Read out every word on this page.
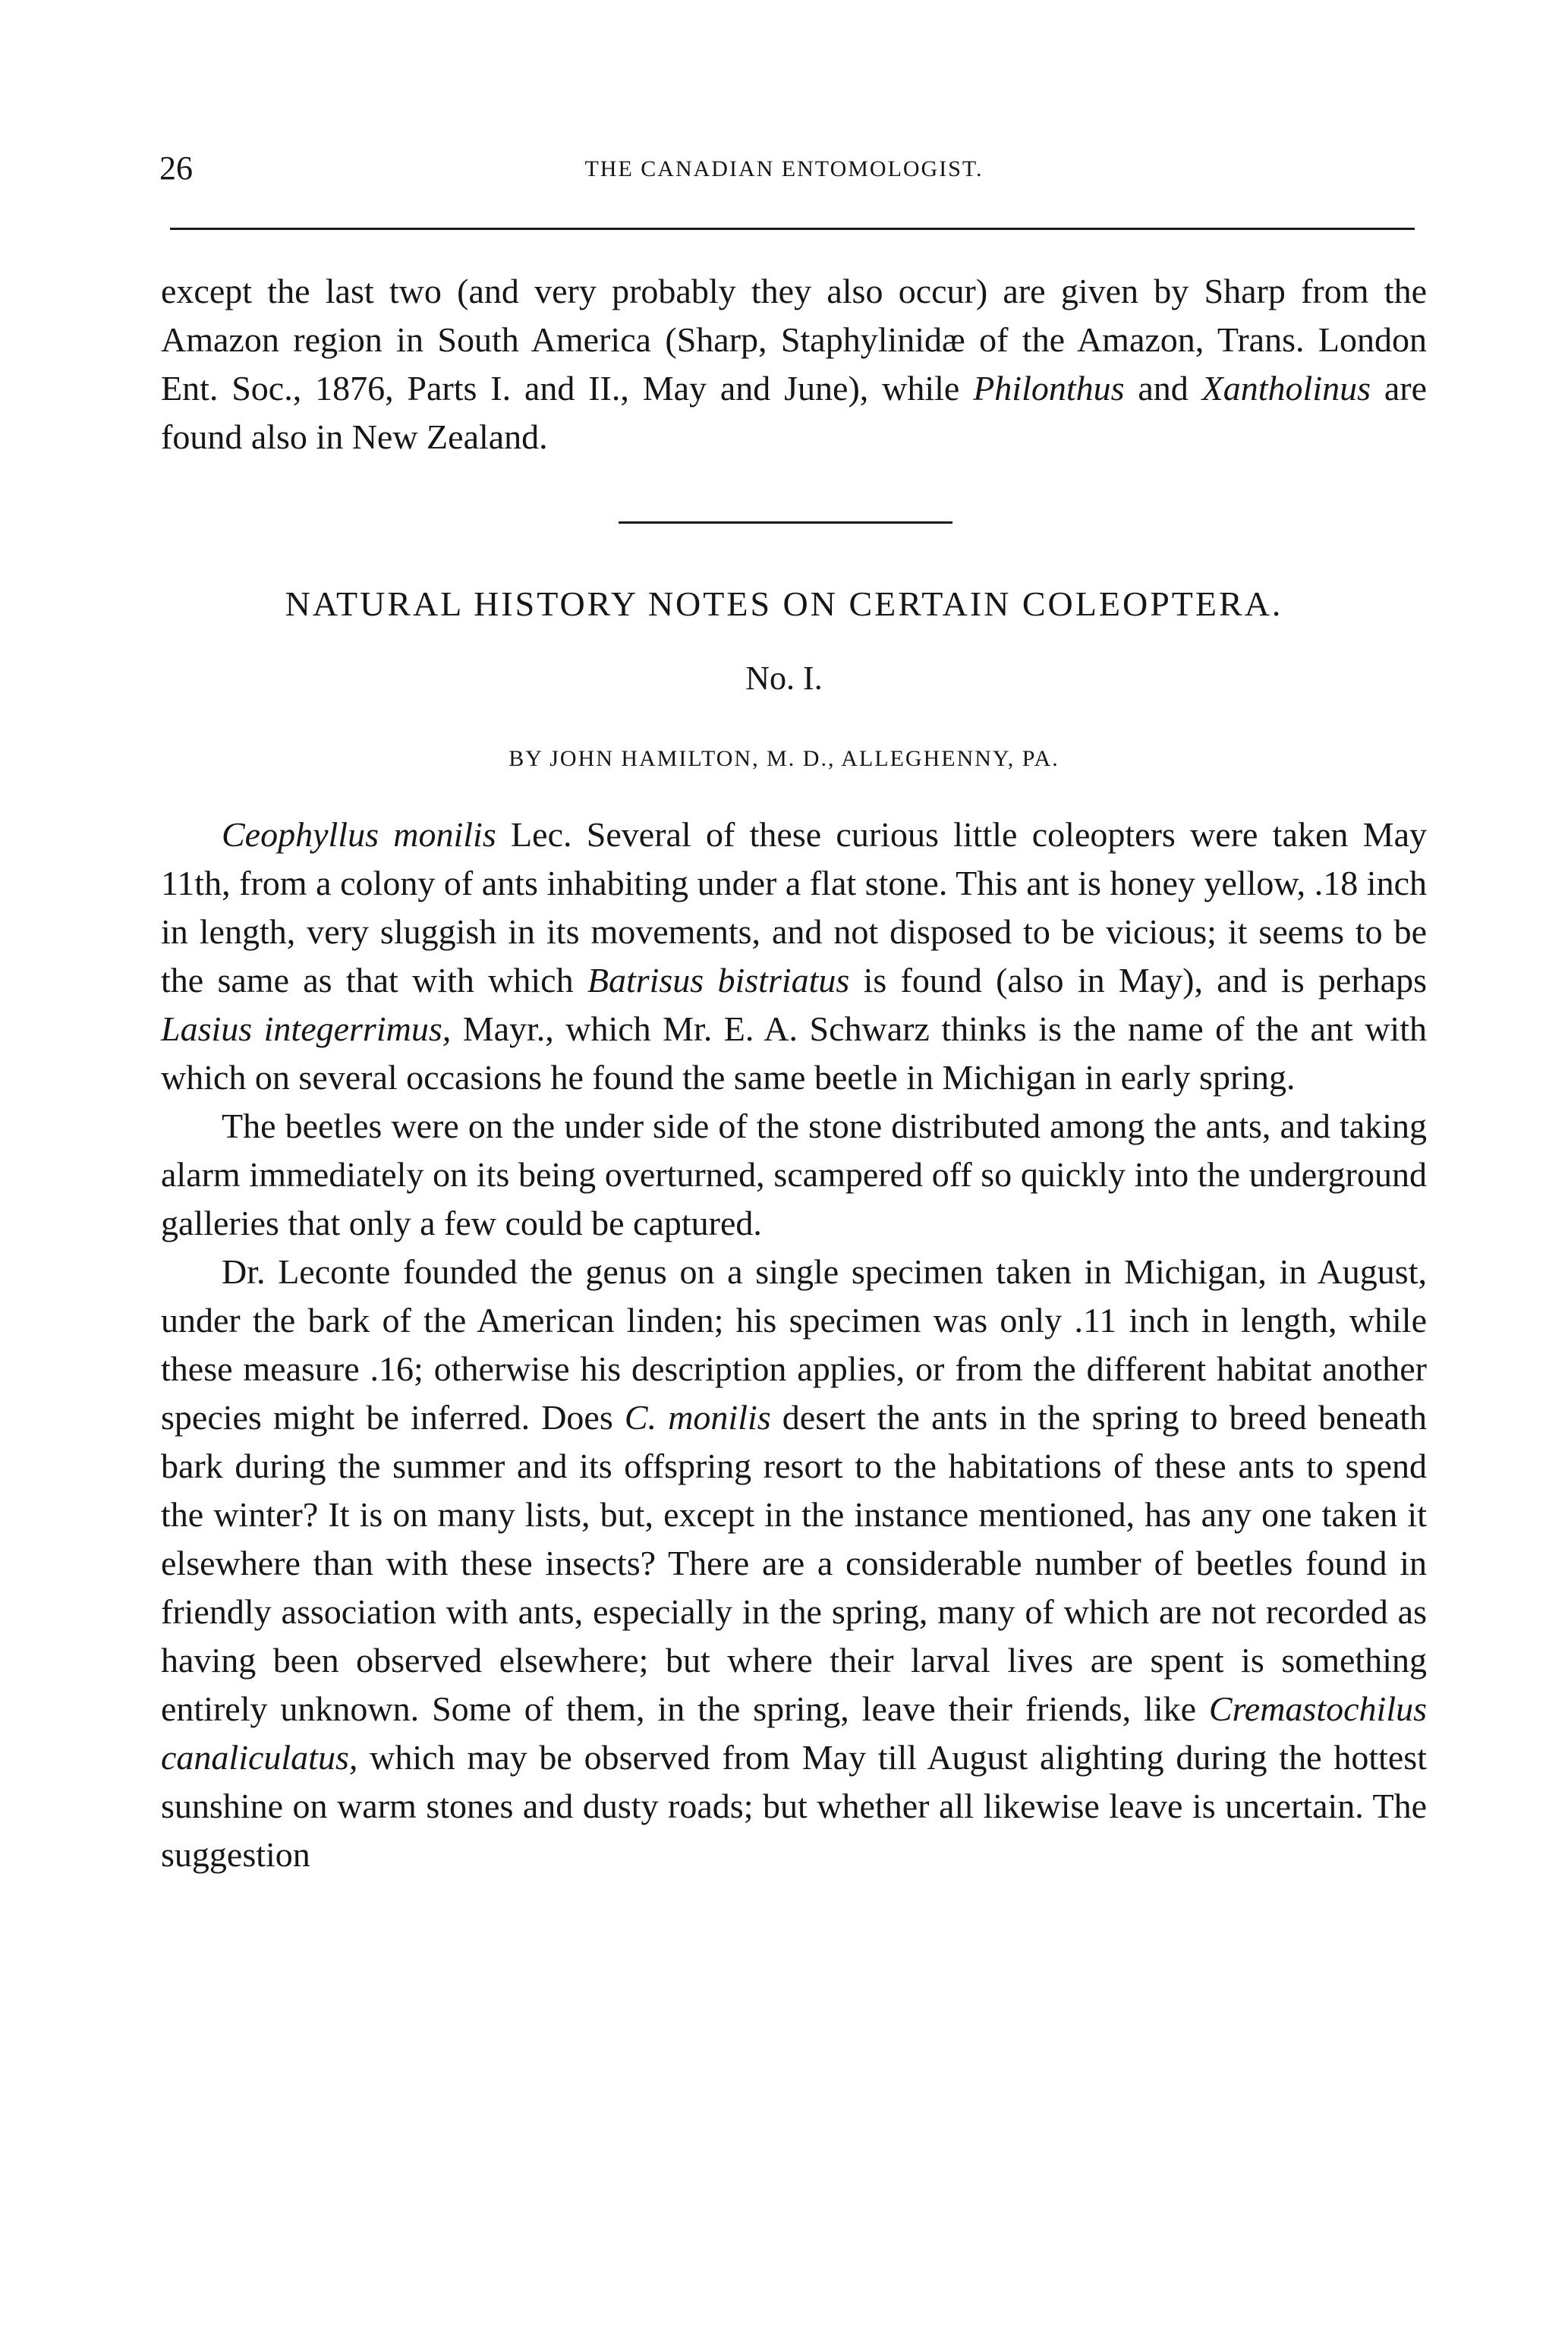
26	THE CANADIAN ENTOMOLOGIST.

except the last two (and very probably they also occur) are given by Sharp from the Amazon region in South America (Sharp, Staphylinidæ of the Amazon, Trans. London Ent. Soc., 1876, Parts I. and II., May and June), while Philonthus and Xantholinus are found also in New Zealand.

NATURAL HISTORY NOTES ON CERTAIN COLEOPTERA.
No. I.
BY JOHN HAMILTON, M. D., ALLEGHENNY, PA.

Ceophyllus monilis Lec. Several of these curious little coleopters were taken May 11th, from a colony of ants inhabiting under a flat stone. This ant is honey yellow, .18 inch in length, very sluggish in its movements, and not disposed to be vicious; it seems to be the same as that with which Batrisus bistriatus is found (also in May), and is perhaps Lasius integerrimus, Mayr., which Mr. E. A. Schwarz thinks is the name of the ant with which on several occasions he found the same beetle in Michigan in early spring.

The beetles were on the under side of the stone distributed among the ants, and taking alarm immediately on its being overturned, scampered off so quickly into the underground galleries that only a few could be captured.

Dr. Leconte founded the genus on a single specimen taken in Michigan, in August, under the bark of the American linden; his specimen was only .11 inch in length, while these measure .16; otherwise his description applies, or from the different habitat another species might be inferred. Does C. monilis desert the ants in the spring to breed beneath bark during the summer and its offspring resort to the habitations of these ants to spend the winter? It is on many lists, but, except in the instance mentioned, has any one taken it elsewhere than with these insects? There are a considerable number of beetles found in friendly association with ants, especially in the spring, many of which are not recorded as having been observed elsewhere; but where their larval lives are spent is something entirely unknown. Some of them, in the spring, leave their friends, like Cremastochilus canaliculatus, which may be observed from May till August alighting during the hottest sunshine on warm stones and dusty roads; but whether all likewise leave is uncertain. The suggestion
